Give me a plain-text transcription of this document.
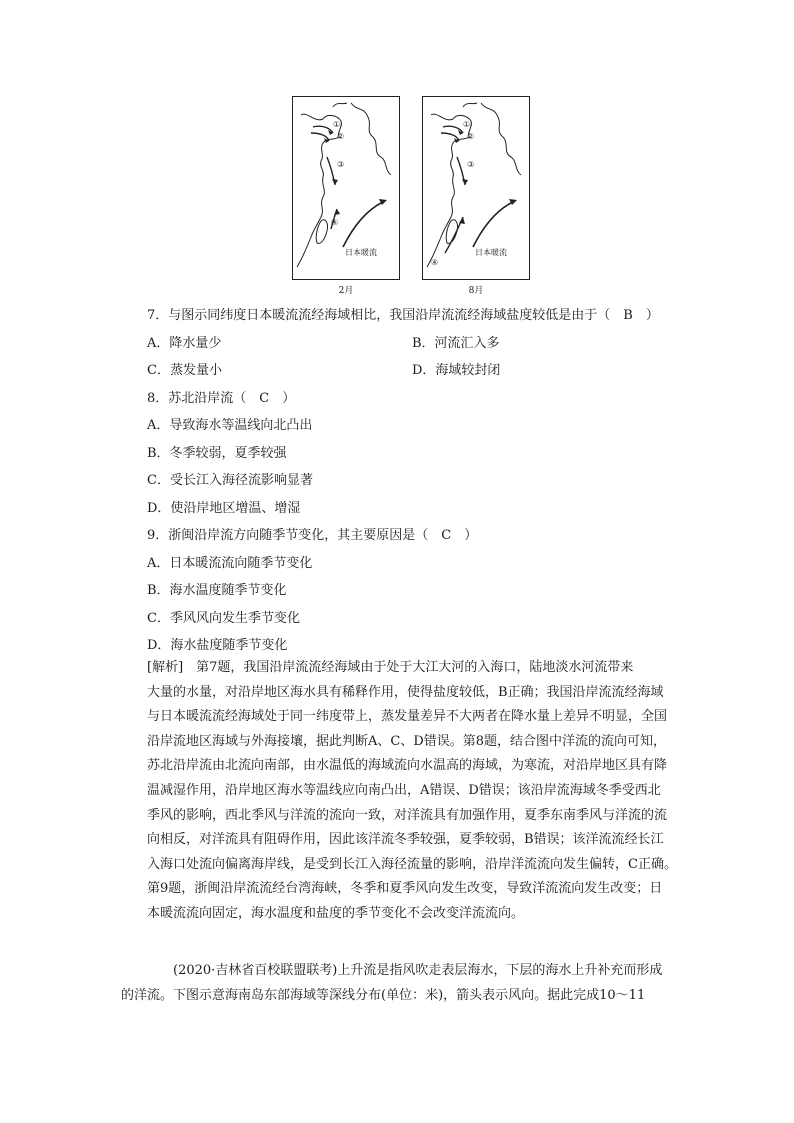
①
②
③
④
日本暖流
2月
①
②
③
④
日本暖流
8月

7．与图示同纬度日本暖流流经海域相比，我国沿岸流流经海域盐度较低是由于（　B　）

A．降水量少	B．河流汇入多

C．蒸发量小	D．海域较封闭

8．苏北沿岸流（　C　）

A．导致海水等温线向北凸出

B．冬季较弱，夏季较强

C．受长江入海径流影响显著

D．使沿岸地区增温、增湿

9．浙闽沿岸流方向随季节变化，其主要原因是（　C　）

A．日本暖流流向随季节变化

B．海水温度随季节变化

C．季风风向发生季节变化

D．海水盐度随季节变化

[解析]　第7题，我国沿岸流流经海域由于处于大江大河的入海口，陆地淡水河流带来

大量的水量，对沿岸地区海水具有稀释作用，使得盐度较低，B正确；我国沿岸流流经海域

与日本暖流流经海域处于同一纬度带上，蒸发量差异不大两者在降水量上差异不明显，全国

沿岸流地区海域与外海接壤，据此判断A、C、D错误。第8题，结合图中洋流的流向可知，

苏北沿岸流由北流向南部，由水温低的海域流向水温高的海域，为寒流，对沿岸地区具有降

温减湿作用，沿岸地区海水等温线应向南凸出，A错误、D错误；该沿岸流海域冬季受西北

季风的影响，西北季风与洋流的流向一致，对洋流具有加强作用，夏季东南季风与洋流的流

向相反，对洋流具有阻碍作用，因此该洋流冬季较强，夏季较弱，B错误；该洋流流经长江

入海口处流向偏离海岸线，是受到长江入海径流量的影响，沿岸洋流流向发生偏转，C正确。

第9题，浙闽沿岸流流经台湾海峡，冬季和夏季风向发生改变，导致洋流流向发生改变；日

本暖流流向固定，海水温度和盐度的季节变化不会改变洋流流向。

(2020·吉林省百校联盟联考)上升流是指风吹走表层海水，下层的海水上升补充而形成
的洋流。下图示意海南岛东部海域等深线分布(单位：米)，箭头表示风向。据此完成10～11
